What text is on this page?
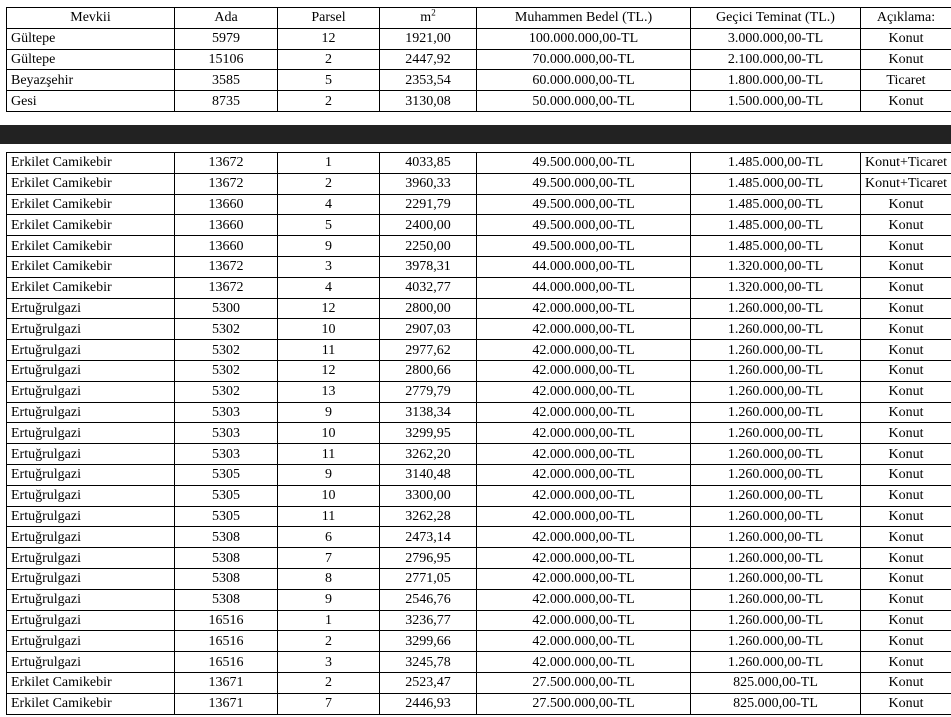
Mevkii	Ada	Parsel	$m^2$	Muhammen Bedel (TL.)	Geçici Teminat (TL.)	Açıklama:
Gültepe	5979	12	1921,00	100.000.000,00-TL	3.000.000,00-TL	Konut
Gültepe	15106	2	2447,92	70.000.000,00-TL	2.100.000,00-TL	Konut
Beyazşehir	3585	5	2353,54	60.000.000,00-TL	1.800.000,00-TL	Ticaret
Gesi	8735	2	3130,08	50.000.000,00-TL	1.500.000,00-TL	Konut
Erkilet Camikebir	13672	1	4033,85	49.500.000,00-TL	1.485.000,00-TL	Konut+Ticaret
Erkilet Camikebir	13672	2	3960,33	49.500.000,00-TL	1.485.000,00-TL	Konut+Ticaret
Erkilet Camikebir	13660	4	2291,79	49.500.000,00-TL	1.485.000,00-TL	Konut
Erkilet Camikebir	13660	5	2400,00	49.500.000,00-TL	1.485.000,00-TL	Konut
Erkilet Camikebir	13660	9	2250,00	49.500.000,00-TL	1.485.000,00-TL	Konut
Erkilet Camikebir	13672	3	3978,31	44.000.000,00-TL	1.320.000,00-TL	Konut
Erkilet Camikebir	13672	4	4032,77	44.000.000,00-TL	1.320.000,00-TL	Konut
Ertuğrulgazi	5300	12	2800,00	42.000.000,00-TL	1.260.000,00-TL	Konut
Ertuğrulgazi	5302	10	2907,03	42.000.000,00-TL	1.260.000,00-TL	Konut
Ertuğrulgazi	5302	11	2977,62	42.000.000,00-TL	1.260.000,00-TL	Konut
Ertuğrulgazi	5302	12	2800,66	42.000.000,00-TL	1.260.000,00-TL	Konut
Ertuğrulgazi	5302	13	2779,79	42.000.000,00-TL	1.260.000,00-TL	Konut
Ertuğrulgazi	5303	9	3138,34	42.000.000,00-TL	1.260.000,00-TL	Konut
Ertuğrulgazi	5303	10	3299,95	42.000.000,00-TL	1.260.000,00-TL	Konut
Ertuğrulgazi	5303	11	3262,20	42.000.000,00-TL	1.260.000,00-TL	Konut
Ertuğrulgazi	5305	9	3140,48	42.000.000,00-TL	1.260.000,00-TL	Konut
Ertuğrulgazi	5305	10	3300,00	42.000.000,00-TL	1.260.000,00-TL	Konut
Ertuğrulgazi	5305	11	3262,28	42.000.000,00-TL	1.260.000,00-TL	Konut
Ertuğrulgazi	5308	6	2473,14	42.000.000,00-TL	1.260.000,00-TL	Konut
Ertuğrulgazi	5308	7	2796,95	42.000.000,00-TL	1.260.000,00-TL	Konut
Ertuğrulgazi	5308	8	2771,05	42.000.000,00-TL	1.260.000,00-TL	Konut
Ertuğrulgazi	5308	9	2546,76	42.000.000,00-TL	1.260.000,00-TL	Konut
Ertuğrulgazi	16516	1	3236,77	42.000.000,00-TL	1.260.000,00-TL	Konut
Ertuğrulgazi	16516	2	3299,66	42.000.000,00-TL	1.260.000,00-TL	Konut
Ertuğrulgazi	16516	3	3245,78	42.000.000,00-TL	1.260.000,00-TL	Konut
Erkilet Camikebir	13671	2	2523,47	27.500.000,00-TL	825.000,00-TL	Konut
Erkilet Camikebir	13671	7	2446,93	27.500.000,00-TL	825.000,00-TL	Konut
